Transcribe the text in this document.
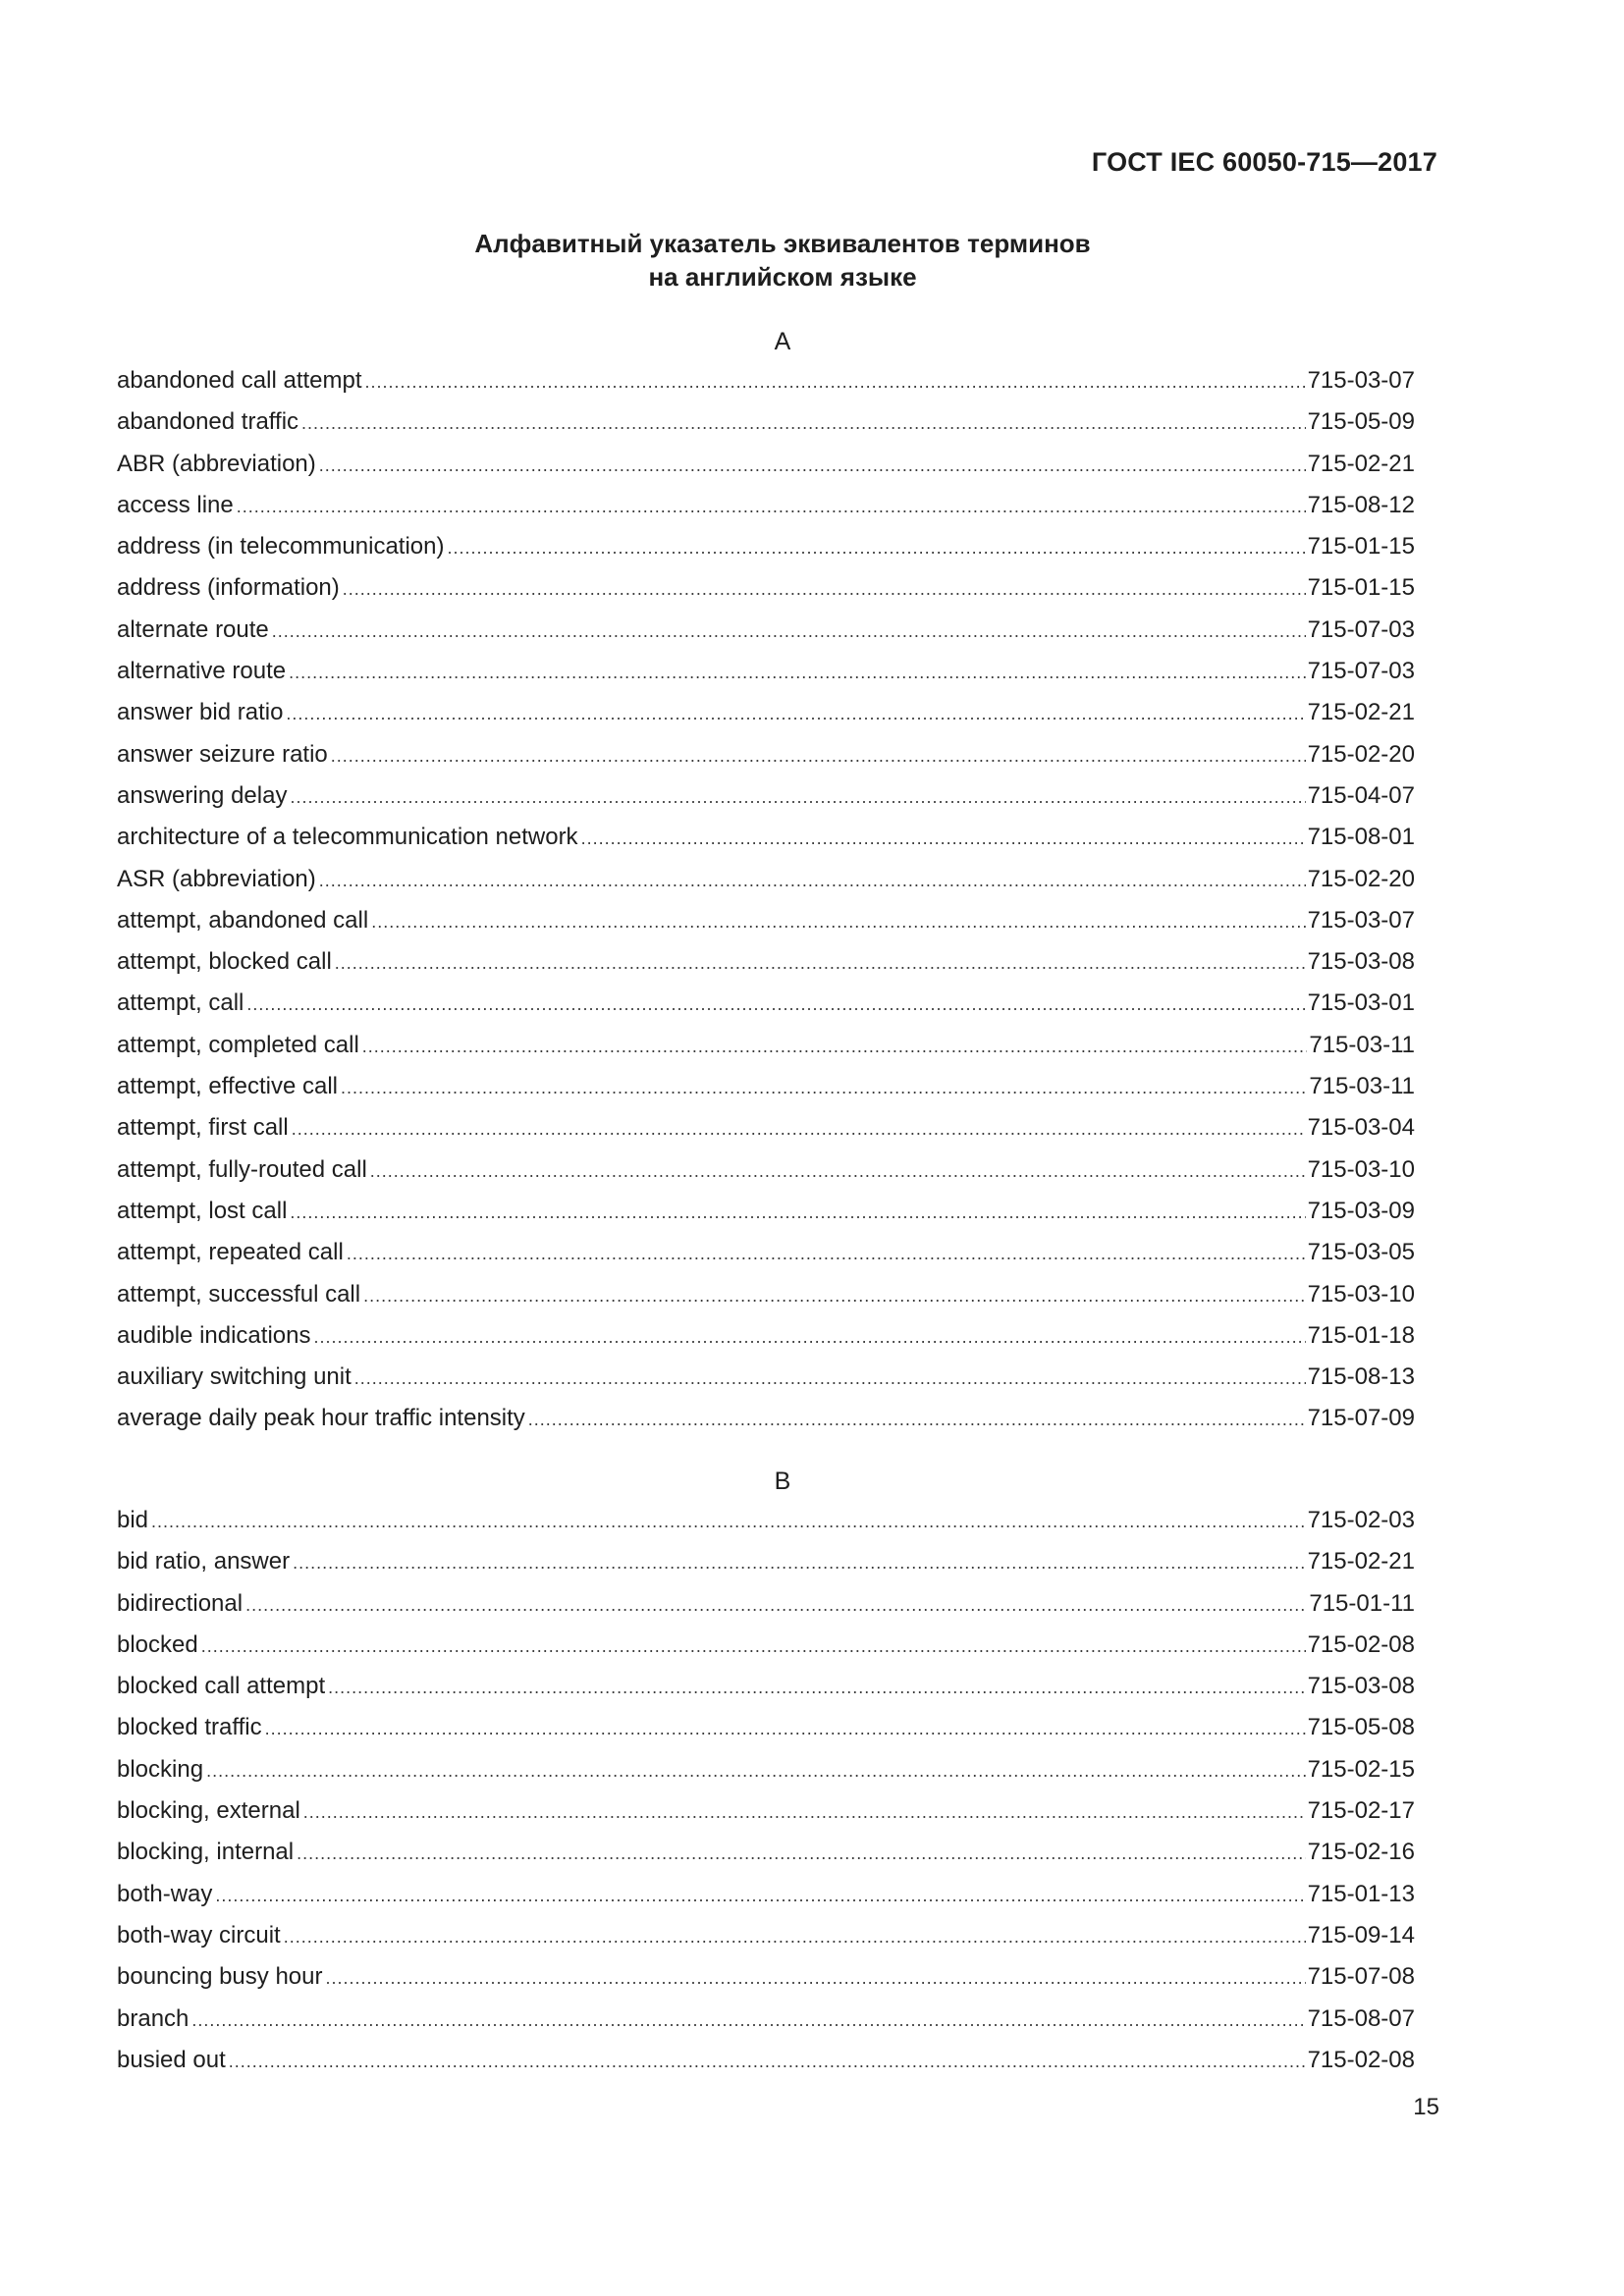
ГОСТ IEC 60050-715—2017
Алфавитный указатель эквивалентов терминов
на английском языке
A
abandoned call attempt .....	715-03-07
abandoned traffic .....	715-05-09
ABR (abbreviation) .....	715-02-21
access line .....	715-08-12
address (in telecommunication) .....	715-01-15
address (information) .....	715-01-15
alternate route .....	715-07-03
alternative route .....	715-07-03
answer bid ratio .....	715-02-21
answer seizure ratio .....	715-02-20
answering delay .....	715-04-07
architecture of a telecommunication network .....	715-08-01
ASR (abbreviation) .....	715-02-20
attempt, abandoned call .....	715-03-07
attempt, blocked call .....	715-03-08
attempt, call .....	715-03-01
attempt, completed call .....	715-03-11
attempt, effective call .....	715-03-11
attempt, first call .....	715-03-04
attempt, fully-routed call .....	715-03-10
attempt, lost call .....	715-03-09
attempt, repeated call .....	715-03-05
attempt, successful call .....	715-03-10
audible indications .....	715-01-18
auxiliary switching unit .....	715-08-13
average daily peak hour traffic intensity .....	715-07-09
B
bid .....	715-02-03
bid ratio, answer .....	715-02-21
bidirectional .....	715-01-11
blocked .....	715-02-08
blocked call attempt .....	715-03-08
blocked traffic .....	715-05-08
blocking .....	715-02-15
blocking, external .....	715-02-17
blocking, internal .....	715-02-16
both-way .....	715-01-13
both-way circuit .....	715-09-14
bouncing busy hour .....	715-07-08
branch .....	715-08-07
busied out .....	715-02-08
15
